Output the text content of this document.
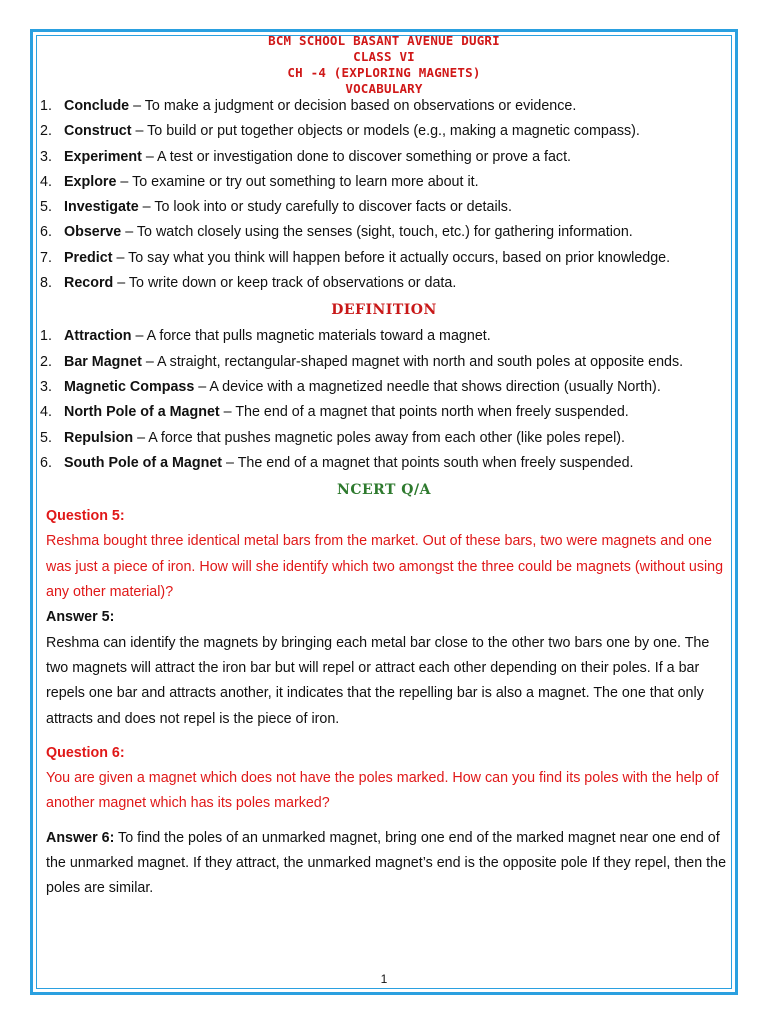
BCM SCHOOL BASANT AVENUE DUGRI
CLASS VI
CH -4 (EXPLORING MAGNETS)
VOCABULARY
1. Conclude – To make a judgment or decision based on observations or evidence.
2. Construct – To build or put together objects or models (e.g., making a magnetic compass).
3. Experiment – A test or investigation done to discover something or prove a fact.
4. Explore – To examine or try out something to learn more about it.
5. Investigate – To look into or study carefully to discover facts or details.
6. Observe – To watch closely using the senses (sight, touch, etc.) for gathering information.
7. Predict – To say what you think will happen before it actually occurs, based on prior knowledge.
8. Record – To write down or keep track of observations or data.
DEFINITION
1. Attraction – A force that pulls magnetic materials toward a magnet.
2. Bar Magnet – A straight, rectangular-shaped magnet with north and south poles at opposite ends.
3. Magnetic Compass – A device with a magnetized needle that shows direction (usually North).
4. North Pole of a Magnet – The end of a magnet that points north when freely suspended.
5. Repulsion – A force that pushes magnetic poles away from each other (like poles repel).
6. South Pole of a Magnet – The end of a magnet that points south when freely suspended.
NCERT Q/A
Question 5:
Reshma bought three identical metal bars from the market. Out of these bars, two were magnets and one was just a piece of iron. How will she identify which two amongst the three could be magnets (without using any other material)?
Answer 5:
Reshma can identify the magnets by bringing each metal bar close to the other two bars one by one. The two magnets will attract the iron bar but will repel or attract each other depending on their poles. If a bar repels one bar and attracts another, it indicates that the repelling bar is also a magnet. The one that only attracts and does not repel is the piece of iron.
Question 6:
You are given a magnet which does not have the poles marked. How can you find its poles with the help of another magnet which has its poles marked?
Answer 6: To find the poles of an unmarked magnet, bring one end of the marked magnet near one end of the unmarked magnet. If they attract, the unmarked magnet’s end is the opposite pole If they repel, then the poles are similar.
1
